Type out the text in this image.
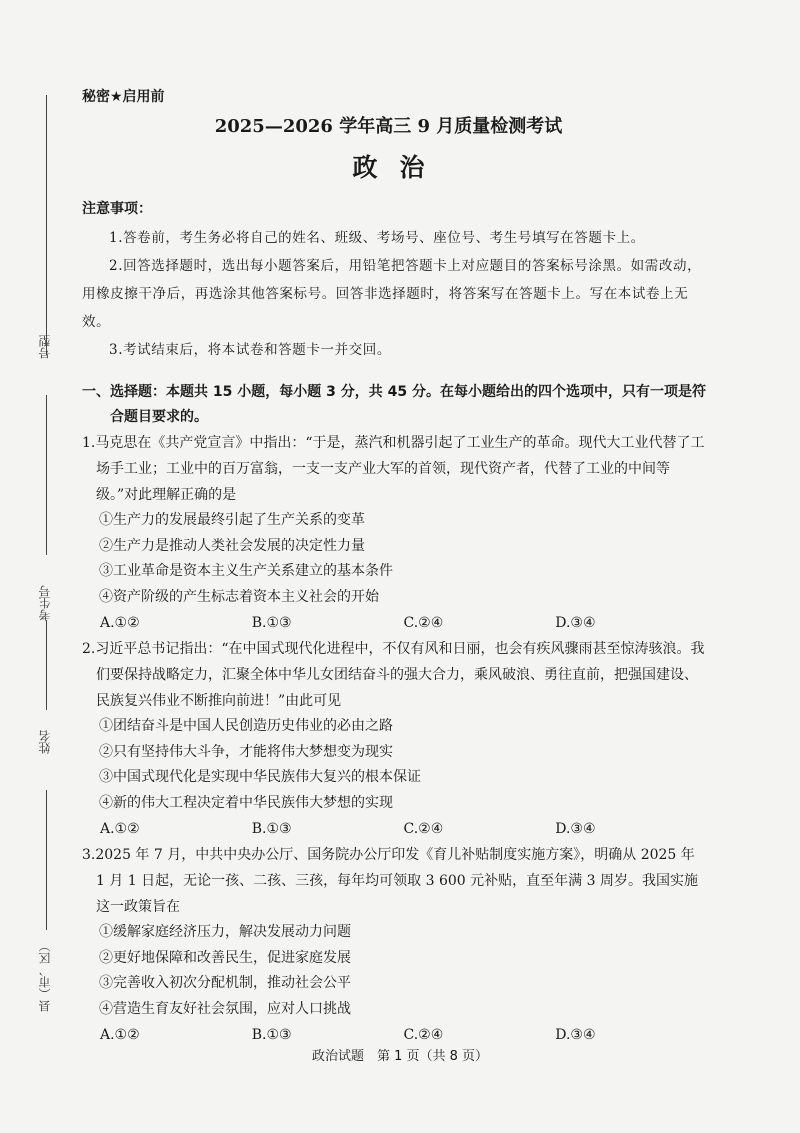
号型
考生号
姓名
县（市、区）
秘密★启用前
2025—2026 学年高三 9 月质量检测考试
政治
注意事项：

1.答卷前，考生务必将自己的姓名、班级、考场号、座位号、考生号填写在答题卡上。

2.回答选择题时，选出每小题答案后，用铅笔把答题卡上对应题目的答案标号涂黑。如需改动，用橡皮擦干净后，再选涂其他答案标号。回答非选择题时，将答案写在答题卡上。写在本试卷上无效。

3.考试结束后，将本试卷和答题卡一并交回。

一、选择题：本题共 15 小题，每小题 3 分，共 45 分。在每小题给出的四个选项中，只有一项是符合题目要求的。
1.马克思在《共产党宣言》中指出：“于是，蒸汽和机器引起了工业生产的革命。现代大工业代替了工场手工业；工业中的百万富翁，一支一支产业大军的首领，现代资产者，代替了工业的中间等级。”对此理解正确的是
①生产力的发展最终引起了生产关系的变革
②生产力是推动人类社会发展的决定性力量
③工业革命是资本主义生产关系建立的基本条件
④资产阶级的产生标志着资本主义社会的开始
A.①②	B.①③	C.②④	D.③④
2.习近平总书记指出：“在中国式现代化进程中，不仅有风和日丽，也会有疾风骤雨甚至惊涛骇浪。我们要保持战略定力，汇聚全体中华儿女团结奋斗的强大合力，乘风破浪、勇往直前，把强国建设、民族复兴伟业不断推向前进！”由此可见
①团结奋斗是中国人民创造历史伟业的必由之路
②只有坚持伟大斗争，才能将伟大梦想变为现实
③中国式现代化是实现中华民族伟大复兴的根本保证
④新的伟大工程决定着中华民族伟大梦想的实现
A.①②	B.①③	C.②④	D.③④
3.2025 年 7 月，中共中央办公厅、国务院办公厅印发《育儿补贴制度实施方案》，明确从 2025 年 1 月 1 日起，无论一孩、二孩、三孩，每年均可领取 3 600 元补贴，直至年满 3 周岁。我国实施这一政策旨在
①缓解家庭经济压力，解决发展动力问题
②更好地保障和改善民生，促进家庭发展
③完善收入初次分配机制，推动社会公平
④营造生育友好社会氛围，应对人口挑战
A.①②	B.①③	C.②④	D.③④
政治试题　第 1 页（共 8 页）
